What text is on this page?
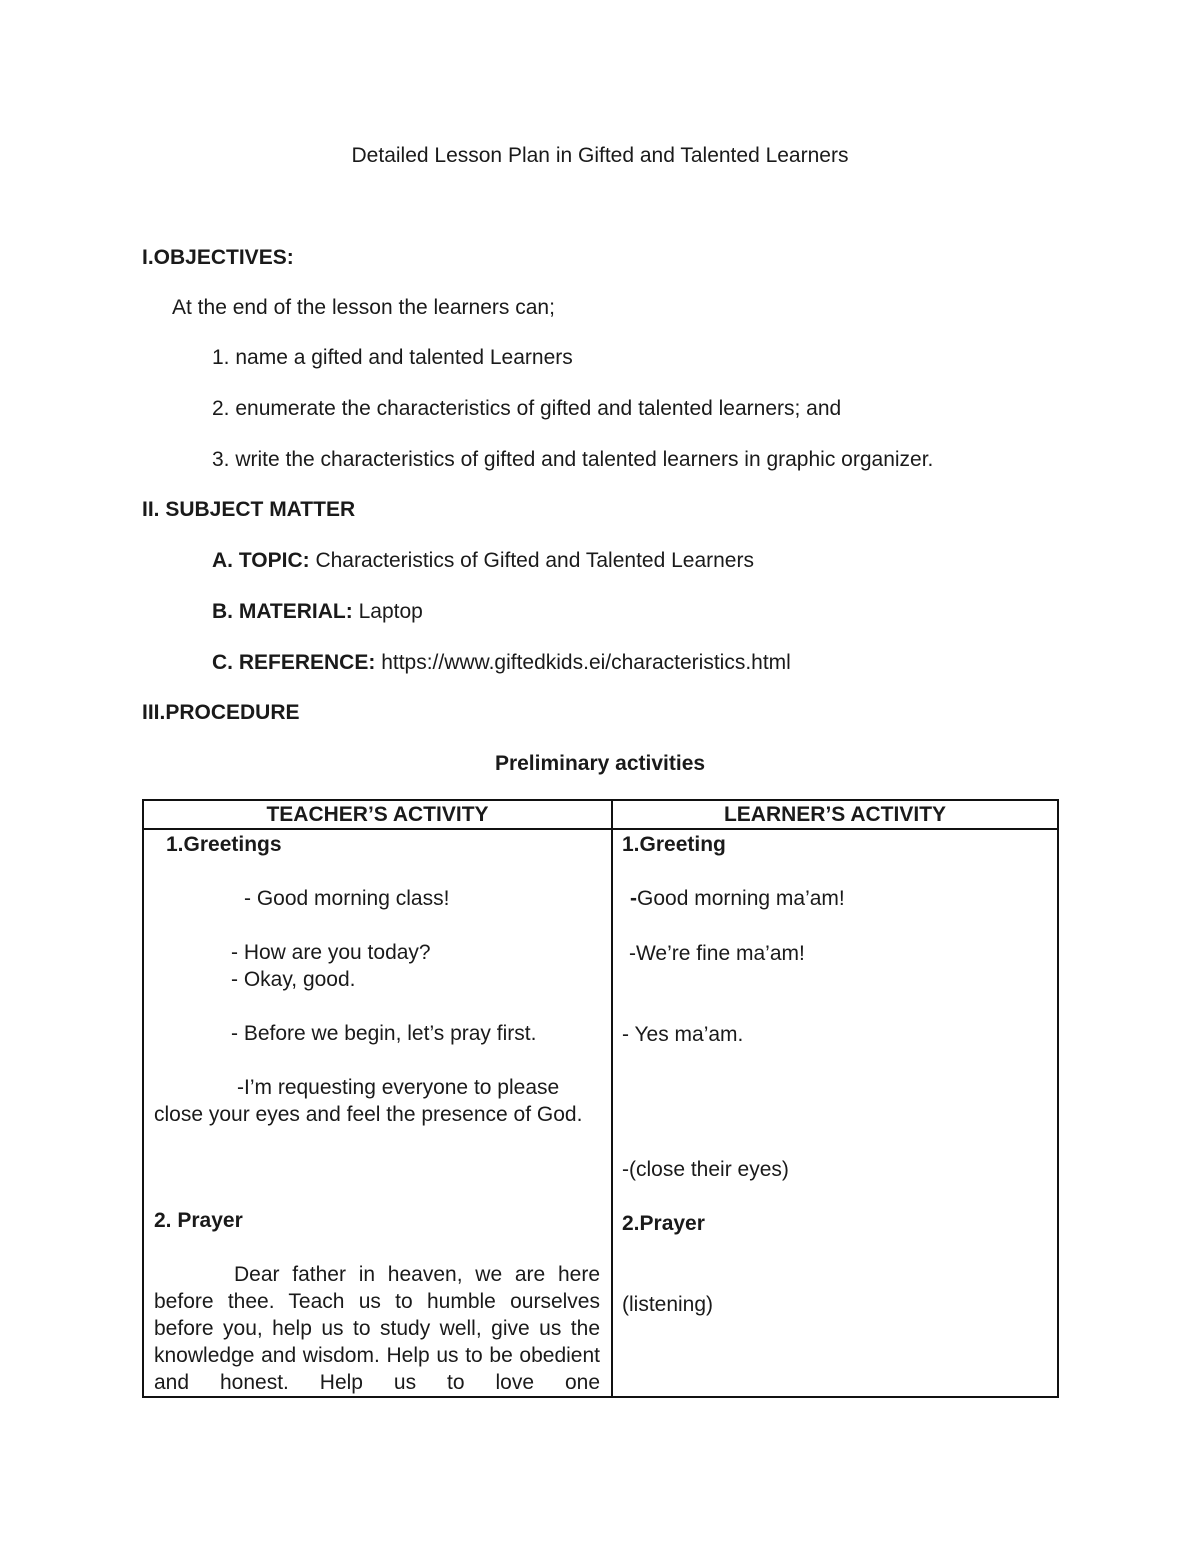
Detailed Lesson Plan in Gifted and Talented Learners
I.OBJECTIVES:
At the end of the lesson the learners can;
1. name a gifted and talented Learners
2. enumerate the characteristics of gifted and talented learners; and
3. write the characteristics of gifted and talented learners in graphic organizer.
II. SUBJECT MATTER
A. TOPIC: Characteristics of Gifted and Talented Learners
B. MATERIAL: Laptop
C. REFERENCE: https://www.giftedkids.ei/characteristics.html
III.PROCEDURE
Preliminary activities
TEACHER’S ACTIVITY	LEARNER’S ACTIVITY
1.Greetings
- Good morning class!
- How are you today?
- Okay, good.
- Before we begin, let’s pray first.
-I’m requesting everyone to please close your eyes and feel the presence of God.
2. Prayer
Dear father in heaven, we are here before thee. Teach us to humble ourselves before you, help us to study well, give us the knowledge and wisdom. Help us to be obedient and honest. Help us to love one
1.Greeting
-Good morning ma’am!
-We’re fine ma’am!
- Yes ma’am.
-(close their eyes)
2.Prayer
(listening)
